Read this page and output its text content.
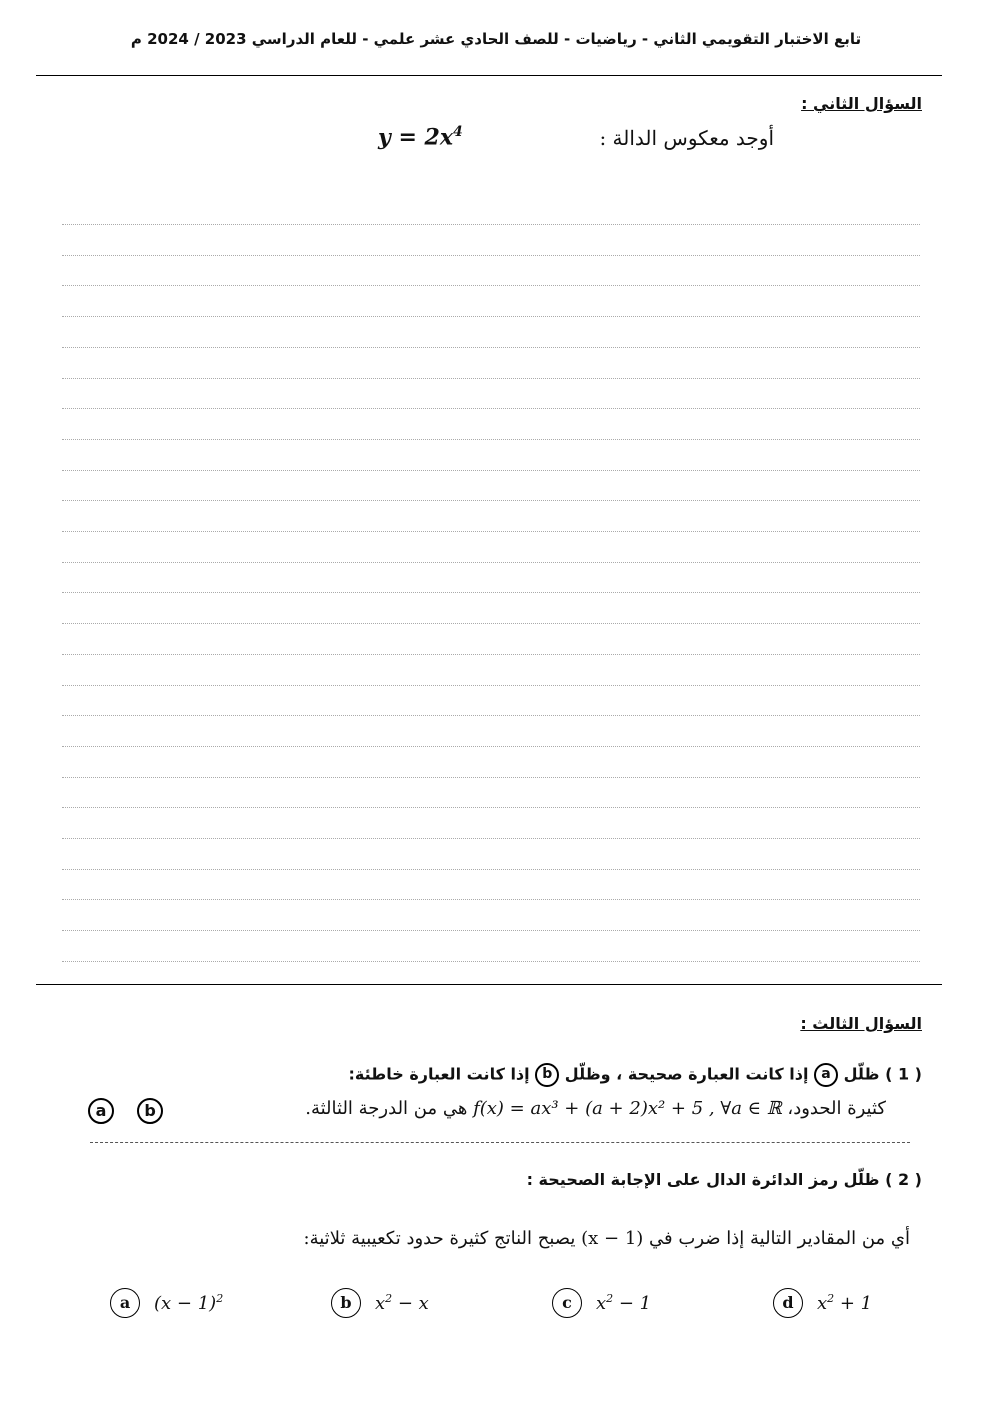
تابع الاختبار التقويمي الثاني - رياضيات - للصف الحادي عشر علمي - للعام الدراسي 2023 / 2024 م
السؤال الثاني :
أوجد معكوس الدالة :
$y = 2x^4$
السؤال الثالث :
( 1 ) ظلّل a إذا كانت العبارة صحيحة ، وظلّل b إذا كانت العبارة خاطئة:
a b	كثيرة الحدود، f(x) = ax³ + (a + 2)x² + 5 , ∀a ∈ ℝ هي من الدرجة الثالثة.
( 2 ) ظلّل رمز الدائرة الدال على الإجابة الصحيحة :
أي من المقادير التالية إذا ضرب في (1 − x) يصبح الناتج كثيرة حدود تكعيبية ثلاثية:
a	$(x - 1)^2$	b	$x^2 - x$	c	$x^2 - 1$	d	$x^2 + 1$
